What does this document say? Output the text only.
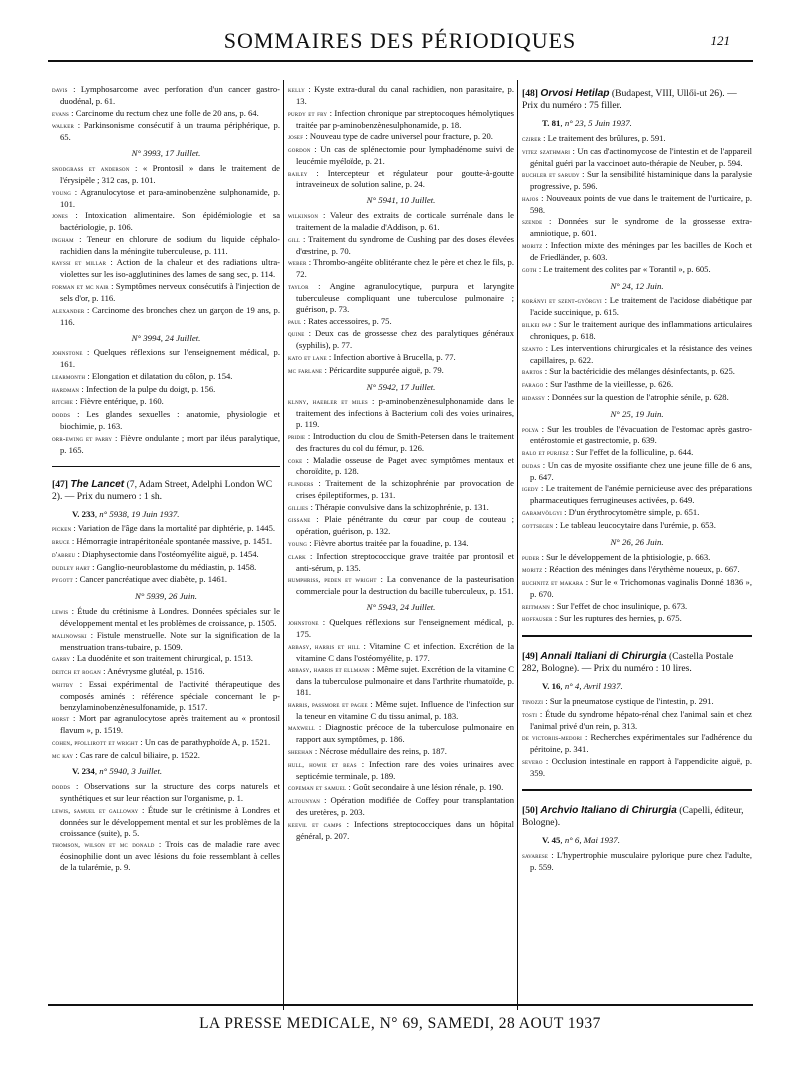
SOMMAIRES DES PÉRIODIQUES	121

davis : Lymphosarcome avec perforation d'un cancer gastro-duodénal, p. 61.

evans : Carcinome du rectum chez une folle de 20 ans, p. 64.

walker : Parkinsonisme consécutif à un trauma périphérique, p. 65.

N° 3993, 17 Juillet.

snodgrass et anderson : « Prontosil » dans le traitement de l'érysipèle ; 312 cas, p. 101.

young : Agranulocytose et para-aminobenzène sulphonamide, p. 101.

jones : Intoxication alimentaire. Son épidémiologie et sa bactériologie, p. 106.

ingham : Teneur en chlorure de sodium du liquide céphalo-rachidien dans la méningite tuberculeuse, p. 111.

kayssi et millar : Action de la chaleur et des radiations ultra-violettes sur les iso-agglutinines des lames de sang sec, p. 114.

forman et mc nair : Symptômes nerveux consécutifs à l'injection de sels d'or, p. 116.

alexander : Carcinome des bronches chez un garçon de 19 ans, p. 116.

N° 3994, 24 Juillet.

johnstone : Quelques réflexions sur l'enseignement médical, p. 161.

learmonth : Elongation et dilatation du côlon, p. 154.

hardman : Infection de la pulpe du doigt, p. 156.

ritchie : Fièvre entérique, p. 160.

dodds : Les glandes sexuelles : anatomie, physiologie et biochimie, p. 163.

orr-ewing et parry : Fièvre ondulante ; mort par iléus paralytique, p. 165.

[47] The Lancet (7, Adam Street, Adelphi London WC 2). — Prix du numero : 1 sh.
V. 233, n° 5938, 19 Juin 1937.

picken : Variation de l'âge dans la mortalité par diphtérie, p. 1445.

bruce : Hémorragie intrapéritonéale spontanée massive, p. 1451.

d'abreu : Diaphysectomie dans l'ostéomyélite aiguë, p. 1454.

dudley hart : Ganglio-neuroblastome du médiastin, p. 1458.

pygott : Cancer pancréatique avec diabète, p. 1461.

N° 5939, 26 Juin.

lewis : Étude du crétinisme à Londres. Données spéciales sur le développement mental et les problèmes de croissance, p. 1505.

malinowski : Fistule menstruelle. Note sur la signification de la menstruation trans-tubaire, p. 1509.

garry : La duodénite et son traitement chirurgical, p. 1513.

deitch et rogan : Anévrysme glutéal, p. 1516.

whitby : Essai expérimental de l'activité thérapeutique des composés aminés : référence spéciale concernant le p-benzylaminobenzènesulfonamide, p. 1517.

horst : Mort par agranulocytose après traitement au « prontosil flavum », p. 1519.

cohen, pfollirott et wright : Un cas de parathyphoïde A, p. 1521.

mc kay : Cas rare de calcul biliaire, p. 1522.

V. 234, n° 5940, 3 Juillet.

dodds : Observations sur la structure des corps naturels et synthétiques et sur leur réaction sur l'organisme, p. 1.

lewis, samuel et galloway : Étude sur le crétinisme à Londres et données sur le développement mental et sur les problèmes de la croissance (suite), p. 5.

thomson, wilson et mc donald : Trois cas de maladie rare avec éosinophilie dont un avec lésions du foie ressemblant à celles de la tularémie, p. 9.

kelly : Kyste extra-dural du canal rachidien, non parasitaire, p. 13.

purdy et fry : Infection chronique par streptocoques hémolytiques traitée par p-aminobenzènesulphonamide, p. 18.

josef : Nouveau type de cadre universel pour fracture, p. 20.

gordon : Un cas de splénectomie pour lymphadénome suivi de leucémie myéloïde, p. 21.

bailey : Intercepteur et régulateur pour goutte-à-goutte intraveineux de solution saline, p. 24.

N° 5941, 10 Juillet.

wilkinson : Valeur des extraits de corticale surrénale dans le traitement de la maladie d'Addison, p. 61.

gill : Traitement du syndrome de Cushing par des doses élevées d'œstrine, p. 70.

weber : Thrombo-angéite oblitérante chez le père et chez le fils, p. 72.

taylor : Angine agranulocytique, purpura et laryngite tuberculeuse compliquant une tuberculose pulmonaire ; guérison, p. 73.

paul : Rates accessoires, p. 75.

quine : Deux cas de grossesse chez des paralytiques généraux (syphilis), p. 77.

kato et lane : Infection abortive à Brucella, p. 77.

mc farlane : Péricardite suppurée aiguë, p. 79.

N° 5942, 17 Juillet.

klnny, haebler et miles : p-aminobenzènesulphonamide dans le traitement des infections à Bacterium coli des voies urinaires, p. 119.

pridie : Introduction du clou de Smith-Petersen dans le traitement des fractures du col du fémur, p. 126.

coke : Maladie osseuse de Paget avec symptômes mentaux et choroïdite, p. 128.

flinders : Traitement de la schizophrénie par provocation de crises épileptiformes, p. 131.

gillies : Thérapie convulsive dans la schizophrénie, p. 131.

gissane : Plaie pénétrante du cœur par coup de couteau ; opération, guérison, p. 132.

young : Fièvre abortus traitée par la fouadine, p. 134.

clark : Infection streptococcique grave traitée par prontosil et anti-sérum, p. 135.

humphriss, peden et wright : La convenance de la pasteurisation commerciale pour la destruction du bacille tuberculeux, p. 151.

N° 5943, 24 Juillet.

johnstone : Quelques réflexions sur l'enseignement médical, p. 175.

abbasy, harris et hill : Vitamine C et infection. Excrétion de la vitamine C dans l'ostéomyélite, p. 177.

abbasy, harris et ellmann : Même sujet. Excrétion de la vitamine C dans la tuberculose pulmonaire et dans l'arthrite rhumatoïde, p. 181.

harris, passmore et pagee : Même sujet. Influence de l'infection sur la teneur en vitamine C du tissu animal, p. 183.

maxwell : Diagnostic précoce de la tuberculose pulmonaire en rapport aux symptômes, p. 186.

sheehan : Nécrose médullaire des reins, p. 187.

hull, howie et beas : Infection rare des voies urinaires avec septicémie terminale, p. 189.

copeman et samuel : Goût secondaire à une lésion rénale, p. 190.

altounyan : Opération modifiée de Coffey pour transplantation des uretères, p. 203.

keevil et camps : Infections streptococciques dans un hôpital général, p. 207.

[48] Orvosi Hetilap (Budapest, VIII, Ullői-ut 26). — Prix du numéro : 75 filler.
T. 81, n° 23, 5 Juin 1937.

czirer : Le traitement des brûlures, p. 591.

vitez szathmari : Un cas d'actinomycose de l'intestin et de l'appareil génital guéri par la vaccinoet auto-thérapie de Neuber, p. 594.

buchler et sarudy : Sur la sensibilité histaminique dans la paralysie progressive, p. 596.

hajos : Nouveaux points de vue dans le traitement de l'urticaire, p. 598.

szende : Données sur le syndrome de la grossesse extra-amniotique, p. 601.

moritz : Infection mixte des méninges par les bacilles de Koch et de Friedländer, p. 603.

goth : Le traitement des colites par « Torantil », p. 605.

N° 24, 12 Juin.

korányi et szent-györgyi : Le traitement de l'acidose diabétique par l'acide succinique, p. 615.

bilkei pap : Sur le traitement aurique des inflammations articulaires chroniques, p. 618.

szanto : Les interventions chirurgicales et la résistance des veines capillaires, p. 622.

bartos : Sur la bactéricidie des mélanges désinfectants, p. 625.

farago : Sur l'asthme de la vieillesse, p. 626.

hidassy : Données sur la question de l'atrophie sénile, p. 628.

N° 25, 19 Juin.

polya : Sur les troubles de l'évacuation de l'estomac après gastro-entérostomie et gastrectomie, p. 639.

balo et purjesz : Sur l'effet de la folliculine, p. 644.

dudas : Un cas de myosite ossifiante chez une jeune fille de 6 ans, p. 647.

igedy : Le traitement de l'anémie pernicieuse avec des préparations pharmaceutiques ferrugineuses activées, p. 649.

gabamvölgyi : D'un érythrocytomètre simple, p. 651.

gottsegen : Le tableau leucocytaire dans l'urémie, p. 653.

N° 26, 26 Juin.

puder : Sur le développement de la phtisiologie, p. 663.

moritz : Réaction des méninges dans l'érythème noueux, p. 667.

buchnitz et makara : Sur le « Trichomonas vaginalis Donné 1836 », p. 670.

reitmann : Sur l'effet de choc insulinique, p. 673.

hoffauser : Sur les ruptures des hernies, p. 675.

[49] Annali Italiani di Chirurgia (Castella Postale 282, Bologne). — Prix du numéro : 10 lires.
V. 16, n° 4, Avril 1937.

tinozzi : Sur la pneumatose cystique de l'intestin, p. 291.

tosti : Étude du syndrome hépato-rénal chez l'animal sain et chez l'animal privé d'un rein, p. 313.

de victoriis-medori : Recherches expérimentales sur l'adhérence du péritoine, p. 341.

severo : Occlusion intestinale en rapport à l'appendicite aiguë, p. 359.

[50] Archvio Italiano di Chirurgia (Capelli, éditeur, Bologne).
V. 45, n° 6, Mai 1937.

savarese : L'hypertrophie musculaire pylorique pure chez l'adulte, p. 559.

LA PRESSE MEDICALE, N° 69, SAMEDI, 28 AOUT 1937
